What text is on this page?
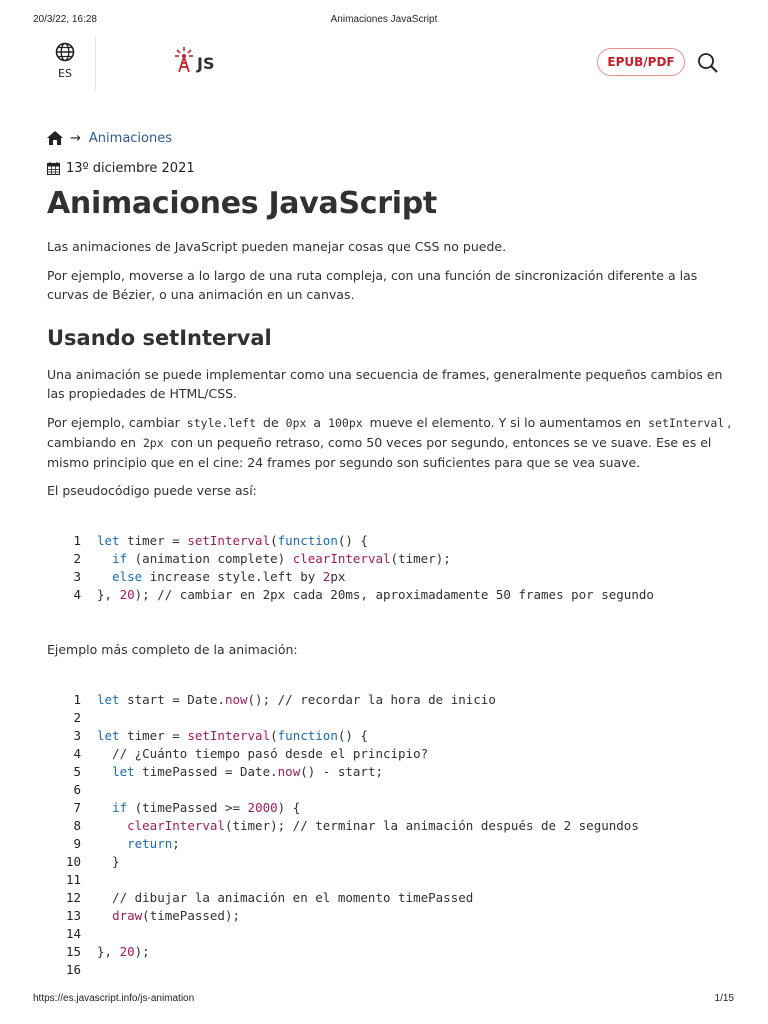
20/3/22, 16:28	Animaciones JavaScript
ES
JS	EPUB/PDF
→ Animaciones
13º diciembre 2021
Animaciones JavaScript

Las animaciones de JavaScript pueden manejar cosas que CSS no puede.

Por ejemplo, moverse a lo largo de una ruta compleja, con una función de sincronización diferente a las curvas de Bézier, o una animación en un canvas.

Usando setInterval

Una animación se puede implementar como una secuencia de frames, generalmente pequeños cambios en las propiedades de HTML/CSS.

Por ejemplo, cambiar style.left de 0px a 100px mueve el elemento. Y si lo aumentamos en setInterval , cambiando en 2px con un pequeño retraso, como 50 veces por segundo, entonces se ve suave. Ese es el mismo principio que en el cine: 24 frames por segundo son suficientes para que se vea suave.

El pseudocódigo puede verse así:

1 let timer = setInterval(function() {
2	if (animation complete) clearInterval(timer);
3	else increase style.left by 2px
4 }, 20); // cambiar en 2px cada 20ms, aproximadamente 50 frames por segundo

Ejemplo más completo de la animación:

1 let start = Date.now(); // recordar la hora de inicio
2
3 let timer = setInterval(function() {
4 // ¿Cuánto tiempo pasó desde el principio?
5	let timePassed = Date.now() - start;
6
7	if (timePassed >= 2000) {
8	clearInterval(timer); // terminar la animación después de 2 segundos
9	return;
10 }
11
12 // dibujar la animación en el momento timePassed
13	draw(timePassed);
14
15 }, 20);
16
https://es.javascript.info/js-animation	1/15
